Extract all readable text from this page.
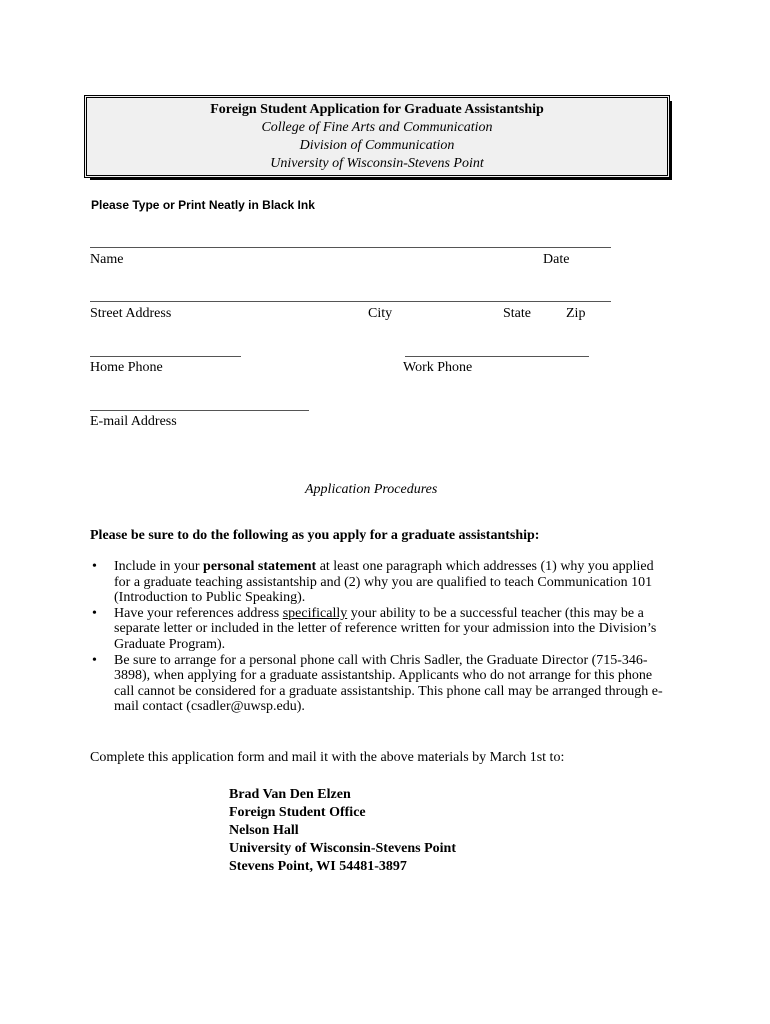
Foreign Student Application for Graduate Assistantship
College of Fine Arts and Communication
Division of Communication
University of Wisconsin-Stevens Point
Please Type or Print Neatly in Black Ink
Name	Date
Street Address	City	State	Zip
Home Phone	Work Phone
E-mail Address
Application Procedures
Please be sure to do the following as you apply for a graduate assistantship:
• Include in your personal statement at least one paragraph which addresses (1) why you applied for a graduate teaching assistantship and (2) why you are qualified to teach Communication 101 (Introduction to Public Speaking).
• Have your references address specifically your ability to be a successful teacher (this may be a separate letter or included in the letter of reference written for your admission into the Division’s Graduate Program).
• Be sure to arrange for a personal phone call with Chris Sadler, the Graduate Director (715-346-3898), when applying for a graduate assistantship. Applicants who do not arrange for this phone call cannot be considered for a graduate assistantship. This phone call may be arranged through e-mail contact (csadler@uwsp.edu).
Complete this application form and mail it with the above materials by March 1st to:
Brad Van Den Elzen
Foreign Student Office
Nelson Hall
University of Wisconsin-Stevens Point
Stevens Point, WI 54481-3897
